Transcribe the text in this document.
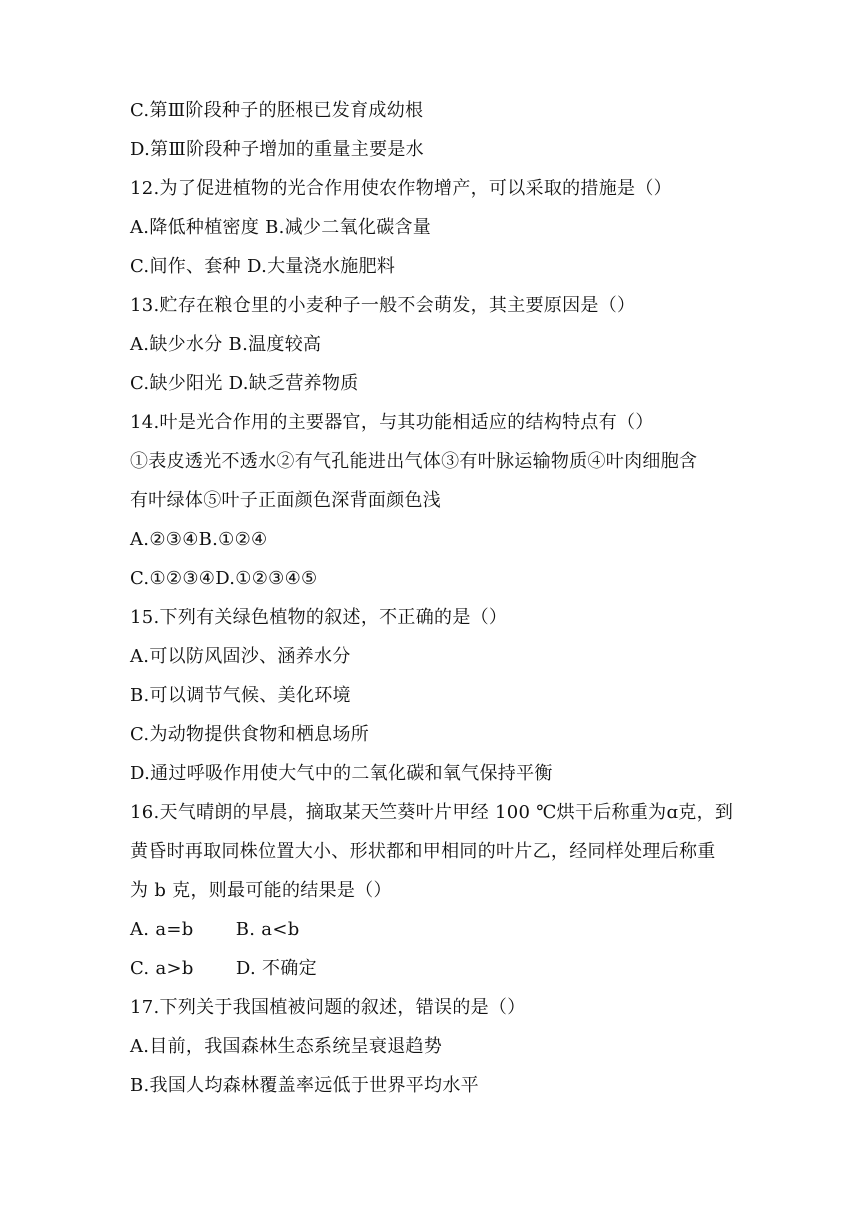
C.第Ⅲ阶段种子的胚根已发育成幼根
D.第Ⅲ阶段种子增加的重量主要是水
12.为了促进植物的光合作用使农作物增产，可以采取的措施是（）
A.降低种植密度 B.减少二氧化碳含量
C.间作、套种 D.大量浇水施肥料
13.贮存在粮仓里的小麦种子一般不会萌发，其主要原因是（）
A.缺少水分 B.温度较高
C.缺少阳光 D.缺乏营养物质
14.叶是光合作用的主要器官，与其功能相适应的结构特点有（）
①表皮透光不透水②有气孔能进出气体③有叶脉运输物质④叶肉细胞含
有叶绿体⑤叶子正面颜色深背面颜色浅
A.②③④B.①②④
C.①②③④D.①②③④⑤
15.下列有关绿色植物的叙述，不正确的是（）
A.可以防风固沙、涵养水分
B.可以调节气候、美化环境
C.为动物提供食物和栖息场所
D.通过呼吸作用使大气中的二氧化碳和氧气保持平衡
16.天气晴朗的早晨，摘取某天竺葵叶片甲经 100 ℃烘干后称重为ɑ克，到
黄昏时再取同株位置大小、形状都和甲相同的叶片乙，经同样处理后称重
为 b 克，则最可能的结果是（）
A. a=b       B. a<b
C. a>b       D. 不确定
17.下列关于我国植被问题的叙述，错误的是（）
A.目前，我国森林生态系统呈衰退趋势
B.我国人均森林覆盖率远低于世界平均水平
